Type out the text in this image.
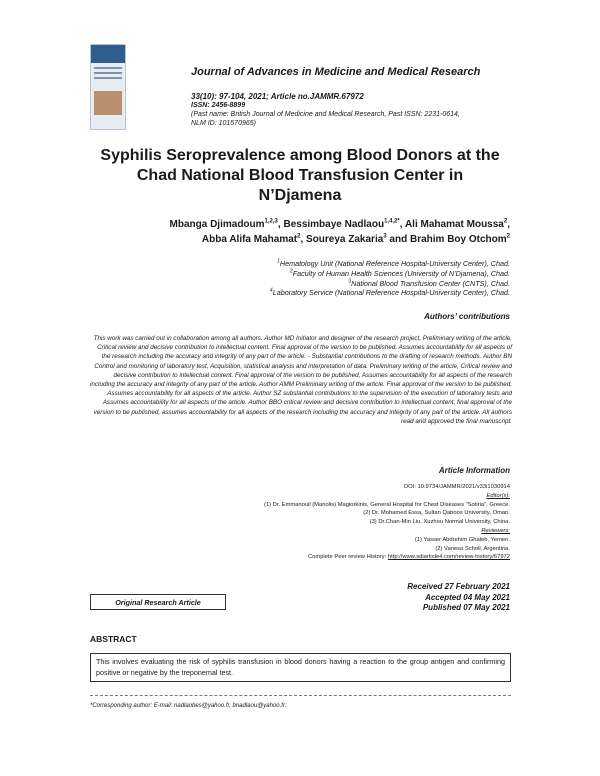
Journal of Advances in Medicine and Medical Research
33(10): 97-104, 2021; Article no.JAMMR.67972
ISSN: 2456-8899
(Past name: British Journal of Medicine and Medical Research, Past ISSN: 2231-0614,
NLM ID: 101570965)
Syphilis Seroprevalence among Blood Donors at the
Chad National Blood Transfusion Center in
N’Djamena
Mbanga Djimadoum$^{1,2,3}$, Bessimbaye Nadlaou$^{1,4,2*}$, Ali Mahamat Moussa$^2$,
Abba Alifa Mahamat$^2$, Soureya Zakaria$^3$ and Brahim Boy Otchom$^2$
$^1$Hematology Unit (National Reference Hospital-University Center), Chad.
$^2$Faculty of Human Health Sciences (University of N’Djamena), Chad.
$^3$National Blood Transfusion Center (CNTS), Chad.
$^4$Laboratory Service (National Reference Hospital-University Center), Chad.
Authors’ contributions
This work was carried out in collaboration among all authors. Author MD Initiator and designer of the research project, Preliminary writing of the article, Critical review and decisive contribution to intellectual content. Final approval of the version to be published, Assumes accountability for all aspects of the research including the accuracy and integrity of any part of the article. - Substantial contributions to the drafting of research methods. Author BN Control and monitoring of laboratory test, Acquisition, statistical analysis and interpretation of data. Preliminary writing of the article, Critical review and decisive contribution to intellectual content. Final approval of the version to be published, Assumes accountability for all aspects of the research including the accuracy and integrity of any part of the article. Author AMM Preliminary writing of the article. Final approval of the version to be published, Assumes accountability for all aspects of the article. Author SZ substantial contributions to the supervision of the execution of laboratory tests and Assumes accountability for all aspects of the article. Author BBO critical review and decisive contribution to intellectual content, final approval of the version to be published, assumes accountability for all aspects of the research including the accuracy and integrity of any part of the article. All authors read and approved the final manuscript.
Article Information
DOI: 10.9734/JAMMR/2021/v33i1030914
Editor(s):
(1) Dr. Emmanouil (Manolis) Magiorkinis, General Hospital for Chest Diseases "Sotiria", Greece.
(2) Dr. Mohamed Essa, Sultan Qaboos University, Oman.
(3) Dr.Chan-Min Liu, Xuzhou Normal University, China.
Reviewers:
(1) Yasser Abdrehim Ghaleb, Yemen.
(2) Vanesa Scholl, Argentina.
Complete Peer review History: http://www.sdiarticle4.com/review-history/67972
Original Research Article
Received 27 February 2021
Accepted 04 May 2021
Published 07 May 2021
ABSTRACT
This involves evaluating the risk of syphilis transfusion in blood donors having a reaction to the group antigen and confirming positive or negative by the treponemal test.
*Corresponding author: E-mail: nadlaobes@yahoo.fr, bnadlaou@yahoo.fr;
